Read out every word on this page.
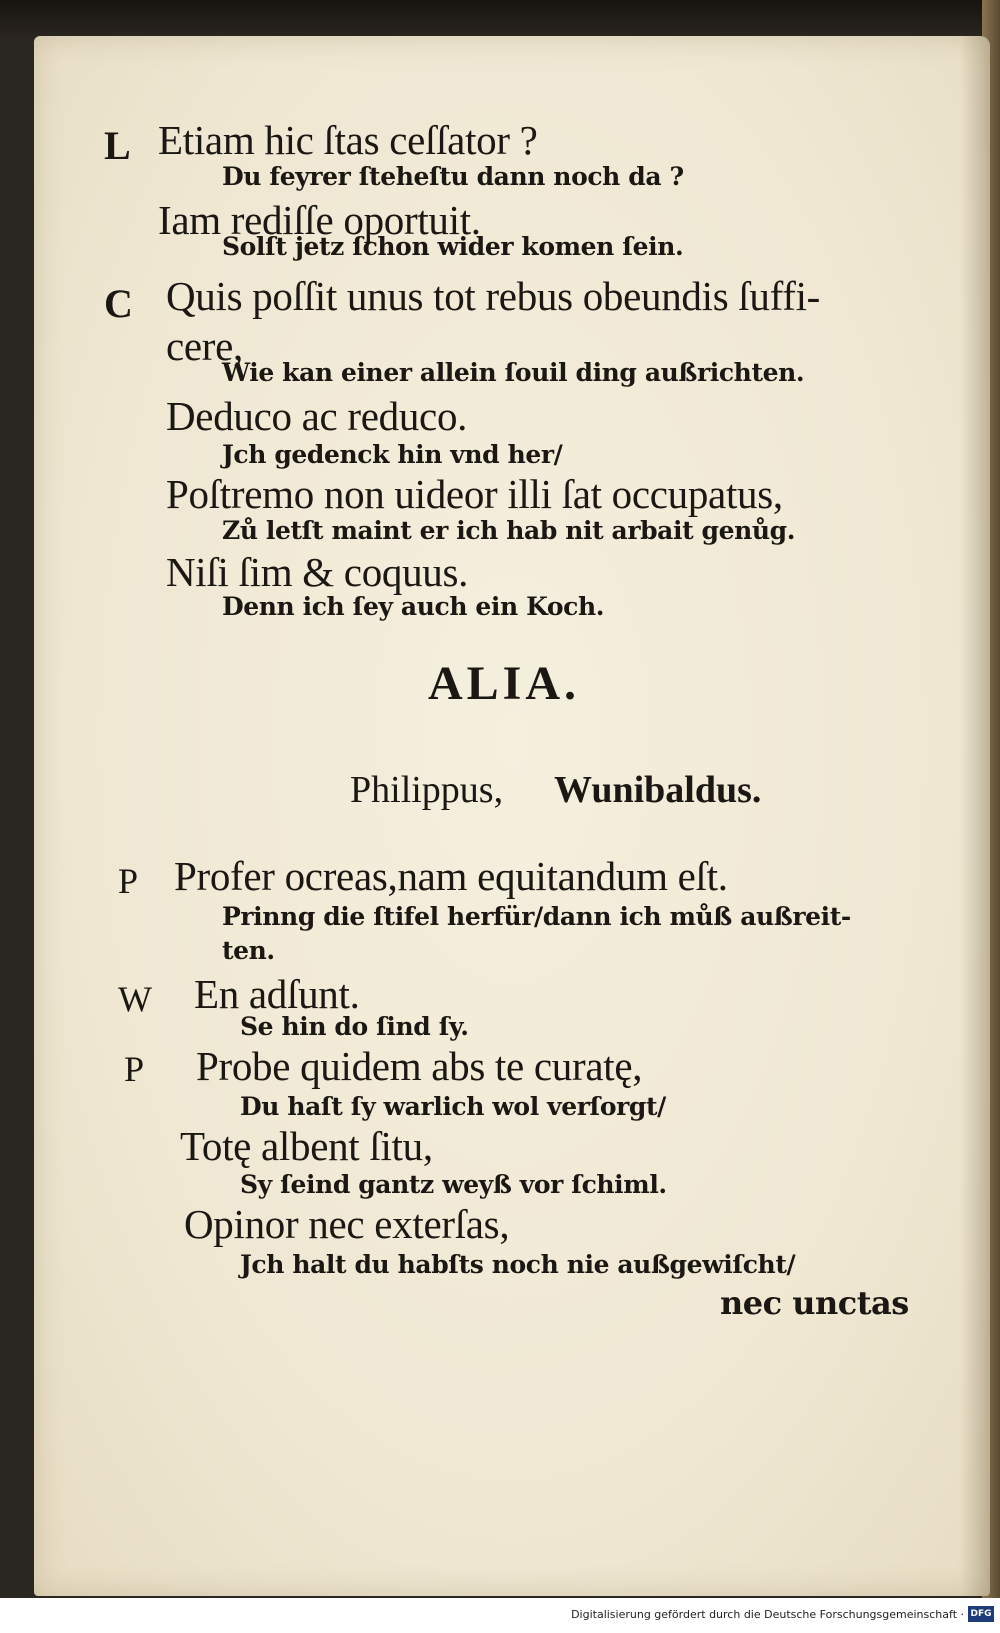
L Etiam hic ſtas ceſſator ?
Du feyrer ſteheſtu dann noch da ?
Iam rediſſe oportuit.
Solſt jetz ſchon wider komen ſein.
C Quis poſſit unus tot rebus obeundis ſuffi-
cere,
Wie kan einer allein ſouil ding außrichten.
Deduco ac reduco.
Jch gedenck hin vnd her/
Poſtremo non uideor illi ſat occupatus,
Zů letſt maint er ich hab nit arbait genůg.
Niſi ſim & coquus.
Denn ich ſey auch ein Koch.
ALIA.
Philippus, Wunibaldus.
P Profer ocreas,nam equitandum eſt.
Prinng die ſtifel herfür/dann ich můß außreit-
ten.
W En adſunt.
Se hin do ſind ſy.
P Probe quidem abs te curatę,
Du haſt ſy warlich wol verſorgt/
Totę albent ſitu,
Sy ſeind gantz weyß vor ſchiml.
Opinor nec exterſas,
Jch halt du habſts noch nie außgewiſcht/
nec unctas
Digitalisierung gefördert durch die Deutsche Forschungsgemeinschaft · DFG
